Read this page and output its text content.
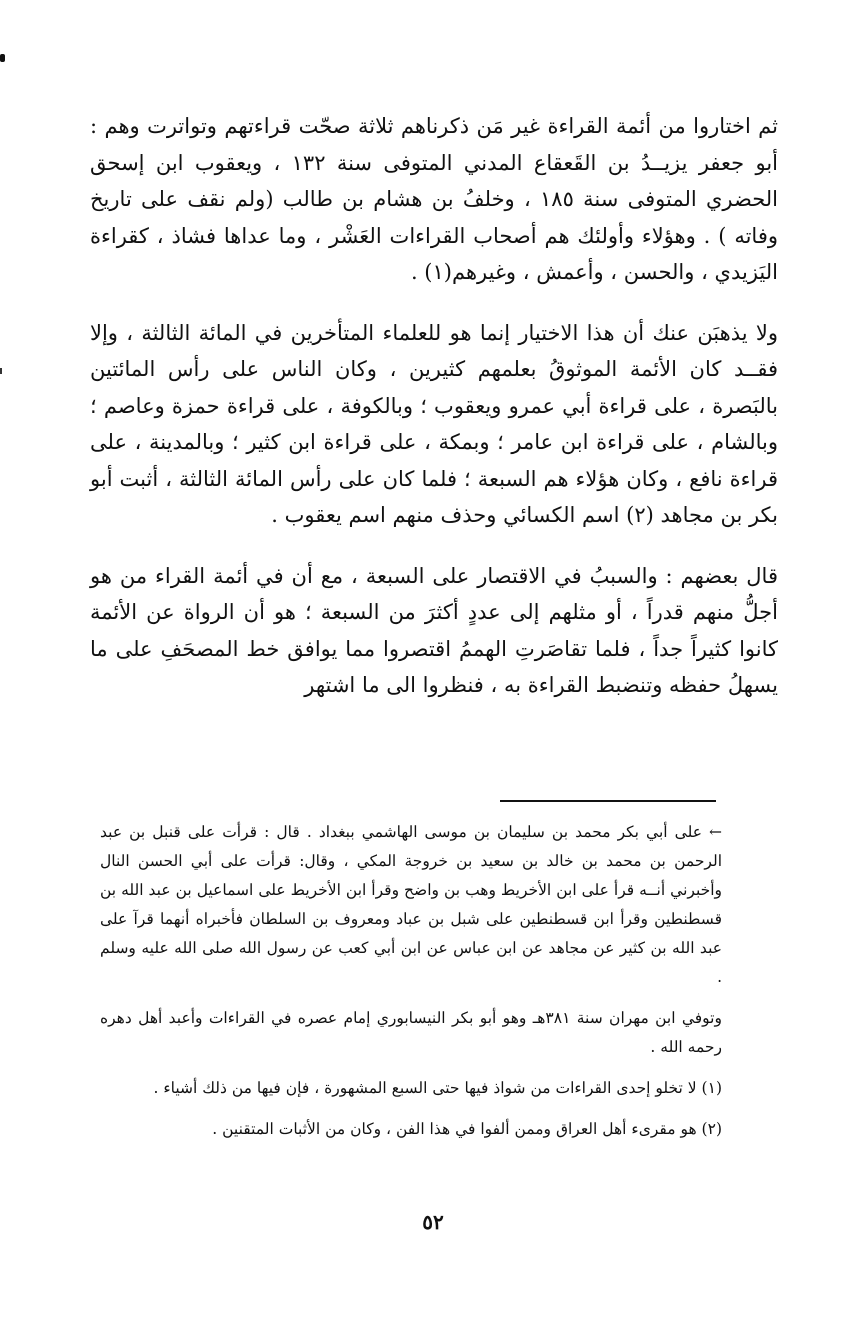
ثم اختاروا من أئمة القراءة غير مَن ذكرناهم ثلاثة صحّت قراءتهم وتواترت وهم : أبو جعفر يزيــدُ بن القَعقاع المدني المتوفى سنة ١٣٢ ، ويعقوب ابن إسحق الحضري المتوفى سنة ١٨٥ ، وخلفُ بن هشام بن طالب (ولم نقف على تاريخ وفاته ) . وهؤلاء وأولئك هم أصحاب القراءات العَشْر ، وما عداها فشاذ ، كقراءة اليَزيدي ، والحسن ، وأعمش ، وغيرهم(١) .

ولا يذهبَن عنك أن هذا الاختيار إنما هو للعلماء المتأخرين في المائة الثالثة ، وإلا فقــد كان الأئمة الموثوقُ بعلمهم كثيرين ، وكان الناس على رأس المائتين بالبَصرة ، على قراءة أبي عمرو ويعقوب ؛ وبالكوفة ، على قراءة حمزة وعاصم ؛ وبالشام ، على قراءة ابن عامر ؛ وبمكة ، على قراءة ابن كثير ؛ وبالمدينة ، على قراءة نافع ، وكان هؤلاء هم السبعة ؛ فلما كان على رأس المائة الثالثة ، أثبت أبو بكر بن مجاهد (٢) اسم الكسائي وحذف منهم اسم يعقوب .

قال بعضهم : والسببُ في الاقتصار على السبعة ، مع أن في أئمة القراء من هو أجلُّ منهم قدراً ، أو مثلهم إلى عددٍ أكثرَ من السبعة ؛ هو أن الرواة عن الأئمة كانوا كثيراً جداً ، فلما تقاصَرتِ الهممُ اقتصروا مما يوافق خط المصحَفِ على ما يسهلُ حفظه وتنضبط القراءة به ، فنظروا الى ما اشتهر

← على أبي بكر محمد بن سليمان بن موسى الهاشمي ببغداد . قال : قرأت على قنبل بن عبد الرحمن بن محمد بن خالد بن سعيد بن خروجة المكي ، وقال: قرأت على أبي الحسن النال وأخبرني أنــه قرأ على ابن الأخريط وهب بن واضح وقرأ ابن الأخريط على اسماعيل بن عبد الله بن قسطنطين وقرأ ابن قسطنطين على شبل بن عباد ومعروف بن السلطان فأخبراه أنهما قرآ على عبد الله بن كثير عن مجاهد عن ابن عباس عن ابن أبي كعب عن رسول الله صلى الله عليه وسلم .

وتوفي ابن مهران سنة ٣٨١هـ وهو أبو بكر النيسابوري إمام عصره في القراءات وأعبد أهل دهره رحمه الله .

(١) لا تخلو إحدى القراءات من شواذ فيها حتى السبع المشهورة ، فإن فيها من ذلك أشياء .

(٢) هو مقرىء أهل العراق وممن ألفوا في هذا الفن ، وكان من الأثبات المتقنين .

٥٢
